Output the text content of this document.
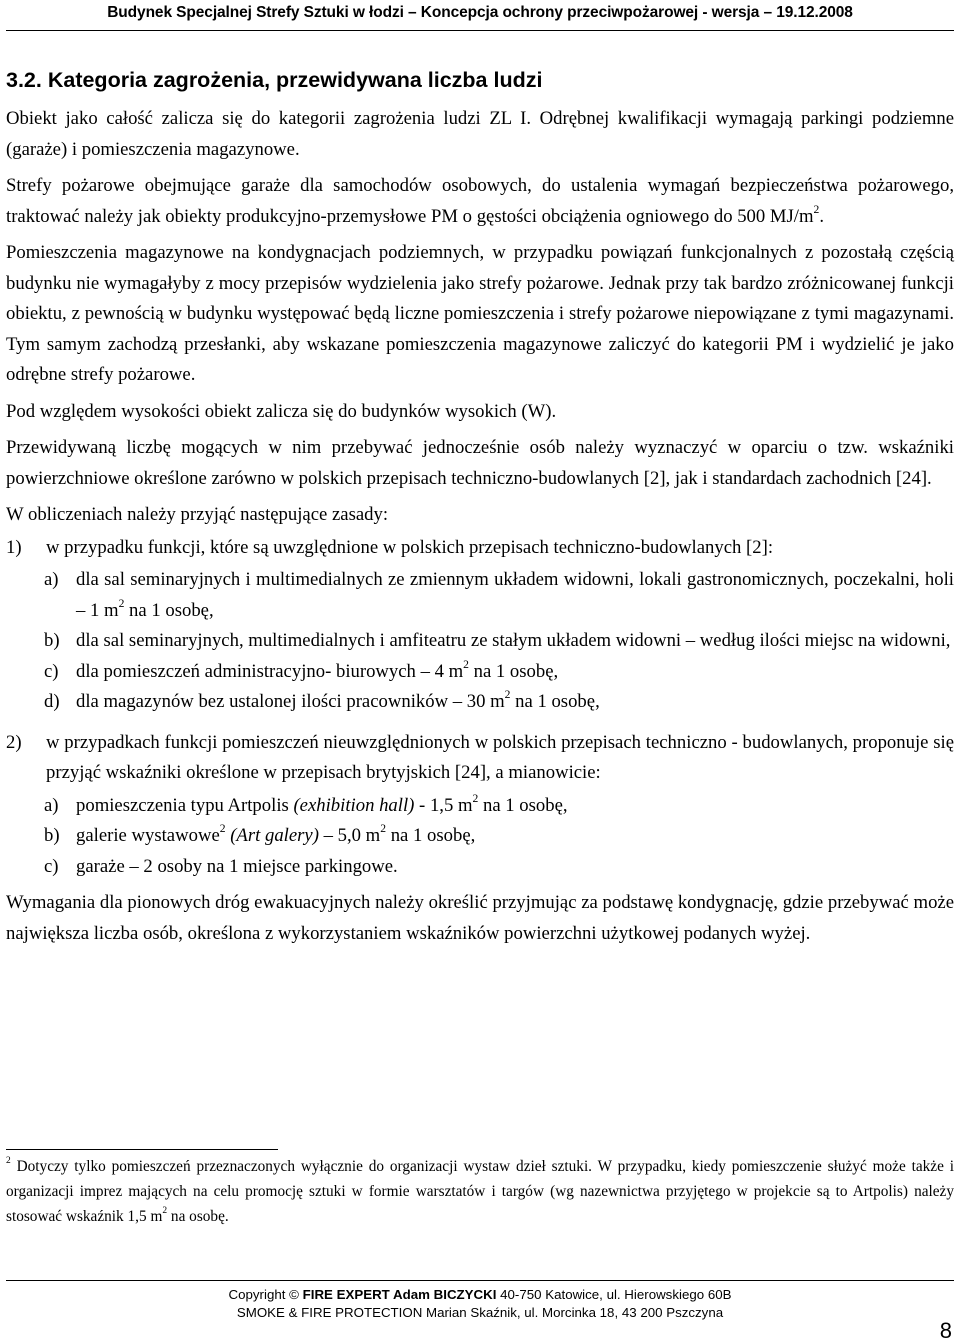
Budynek Specjalnej Strefy Sztuki w łodzi – Koncepcja ochrony przeciwpożarowej - wersja – 19.12.2008
3.2. Kategoria zagrożenia, przewidywana liczba ludzi

Obiekt jako całość zalicza się do kategorii zagrożenia ludzi ZL I. Odrębnej kwalifikacji wymagają parkingi podziemne (garaże) i pomieszczenia magazynowe.

Strefy pożarowe obejmujące garaże dla samochodów osobowych, do ustalenia wymagań bezpieczeństwa pożarowego, traktować należy jak obiekty produkcyjno-przemysłowe PM o gęstości obciążenia ogniowego do 500 $MJ/m^2$.

Pomieszczenia magazynowe na kondygnacjach podziemnych, w przypadku powiązań funkcjonalnych z pozostałą częścią budynku nie wymagałyby z mocy przepisów wydzielenia jako strefy pożarowe. Jednak przy tak bardzo zróżnicowanej funkcji obiektu, z pewnością w budynku występować będą liczne pomieszczenia i strefy pożarowe niepowiązane z tymi magazynami. Tym samym zachodzą przesłanki, aby wskazane pomieszczenia magazynowe zaliczyć do kategorii PM i wydzielić je jako odrębne strefy pożarowe.

Pod względem wysokości obiekt zalicza się do budynków wysokich (W).

Przewidywaną liczbę mogących w nim przebywać jednocześnie osób należy wyznaczyć w oparciu o tzw. wskaźniki powierzchniowe określone zarówno w polskich przepisach techniczno-budowlanych [2], jak i standardach zachodnich [24].

W obliczeniach należy przyjąć następujące zasady:

1) w przypadku funkcji, które są uwzględnione w polskich przepisach techniczno-budowlanych [2]:
a) dla sal seminaryjnych i multimedialnych ze zmiennym układem widowni, lokali gastronomicznych, poczekalni, holi – 1 $m^2$ na 1 osobę,
b) dla sal seminaryjnych, multimedialnych i amfiteatru ze stałym układem widowni – według ilości miejsc na widowni,
c) dla pomieszczeń administracyjno- biurowych – 4 $m^2$ na 1 osobę,
d) dla magazynów bez ustalonej ilości pracowników – 30 $m^2$ na 1 osobę,
2) w przypadkach funkcji pomieszczeń nieuwzględnionych w polskich przepisach techniczno - budowlanych, proponuje się przyjąć wskaźniki określone w przepisach brytyjskich [24], a mianowicie:
a) pomieszczenia typu Artpolis (exhibition hall) - 1,5 $m^2$ na 1 osobę,
b) galerie wystawowe$^2$ (Art galery) – 5,0 $m^2$ na 1 osobę,
c) garaże – 2 osoby na 1 miejsce parkingowe.

Wymagania dla pionowych dróg ewakuacyjnych należy określić przyjmując za podstawę kondygnację, gdzie przebywać może największa liczba osób, określona z wykorzystaniem wskaźników powierzchni użytkowej podanych wyżej.

$^2$ Dotyczy tylko pomieszczeń przeznaczonych wyłącznie do organizacji wystaw dzieł sztuki. W przypadku, kiedy pomieszczenie służyć może także i organizacji imprez mających na celu promocję sztuki w formie warsztatów i targów (wg nazewnictwa przyjętego w projekcie są to Artpolis) należy stosować wskaźnik 1,5 $m^2$ na osobę.
Copyright © FIRE EXPERT Adam BICZYCKI 40-750 Katowice, ul. Hierowskiego 60B
SMOKE & FIRE PROTECTION Marian Skaźnik, ul. Morcinka 18, 43 200 Pszczyna
8
